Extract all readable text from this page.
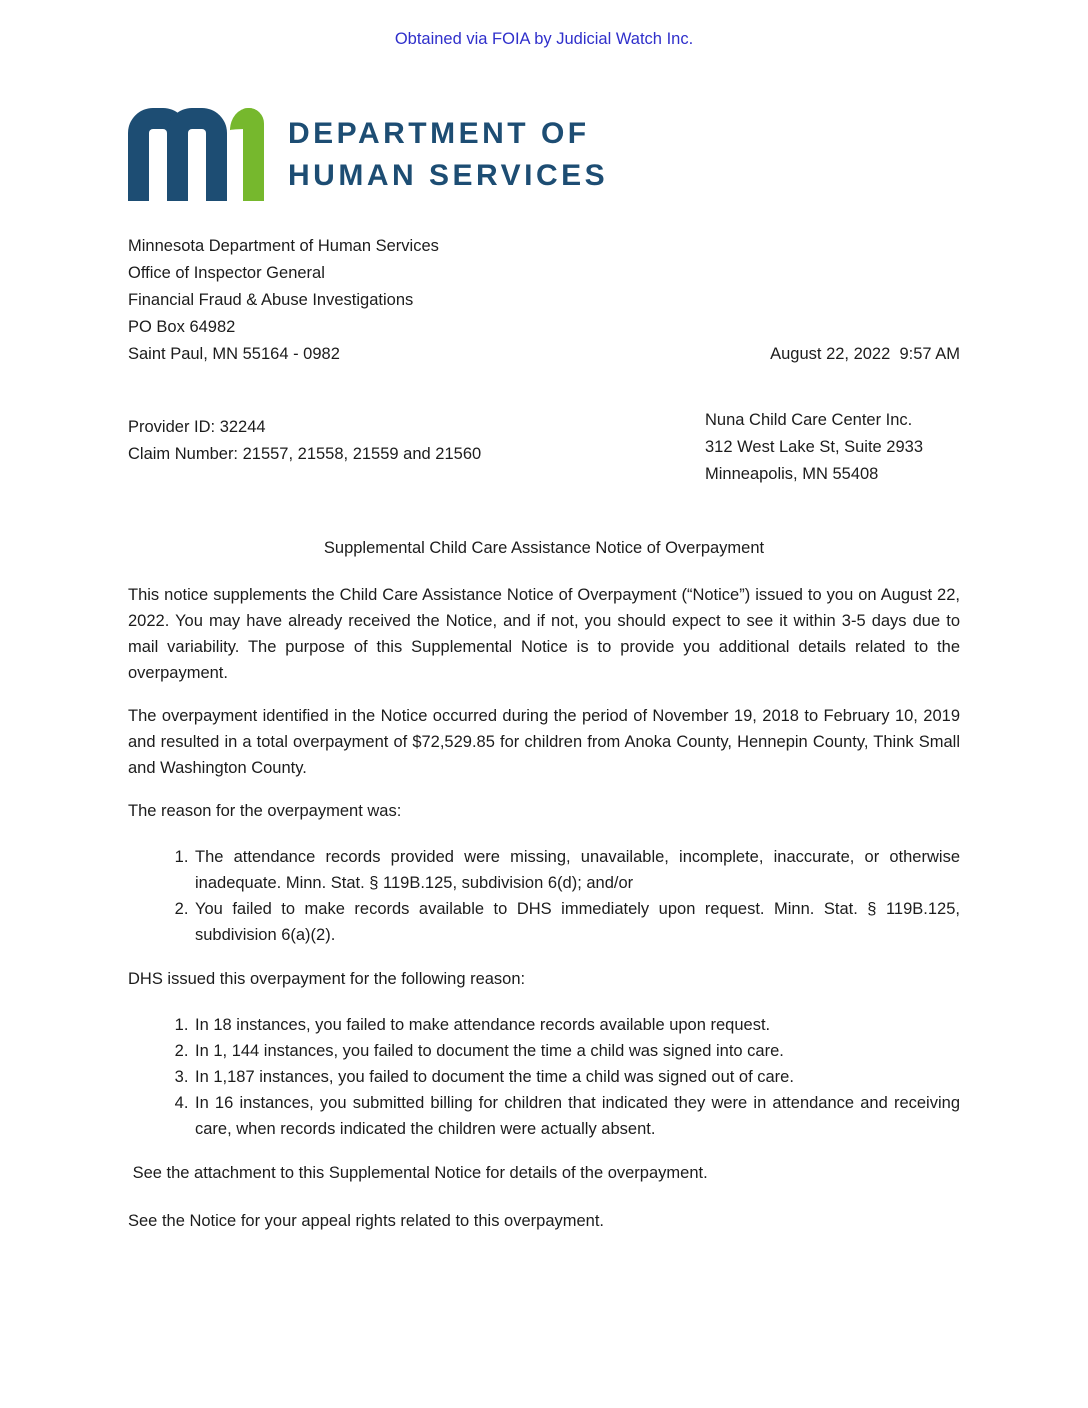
Obtained via FOIA by Judicial Watch Inc.
DEPARTMENT OF
HUMAN SERVICES
Minnesota Department of Human Services
Office of Inspector General
Financial Fraud & Abuse Investigations
PO Box 64982
Saint Paul, MN 55164 - 0982	August 22, 2022  9:57 AM
Provider ID: 32244
Claim Number: 21557, 21558, 21559 and 21560
Nuna Child Care Center Inc.
312 West Lake St, Suite 2933
Minneapolis, MN 55408
Supplemental Child Care Assistance Notice of Overpayment

This notice supplements the Child Care Assistance Notice of Overpayment (“Notice”) issued to you on August 22, 2022. You may have already received the Notice, and if not, you should expect to see it within 3-5 days due to mail variability. The purpose of this Supplemental Notice is to provide you additional details related to the overpayment.

The overpayment identified in the Notice occurred during the period of November 19, 2018 to February 10, 2019 and resulted in a total overpayment of $72,529.85 for children from Anoka County, Hennepin County, Think Small and Washington County.

The reason for the overpayment was:

1. The attendance records provided were missing, unavailable, incomplete, inaccurate, or otherwise inadequate. Minn. Stat. § 119B.125, subdivision 6(d); and/or
2. You failed to make records available to DHS immediately upon request. Minn. Stat. § 119B.125, subdivision 6(a)(2).

DHS issued this overpayment for the following reason:

1. In 18 instances, you failed to make attendance records available upon request.
2. In 1, 144 instances, you failed to document the time a child was signed into care.
3. In 1,187 instances, you failed to document the time a child was signed out of care.
4. In 16 instances, you submitted billing for children that indicated they were in attendance and receiving care, when records indicated the children were actually absent.

See the attachment to this Supplemental Notice for details of the overpayment.

See the Notice for your appeal rights related to this overpayment.
